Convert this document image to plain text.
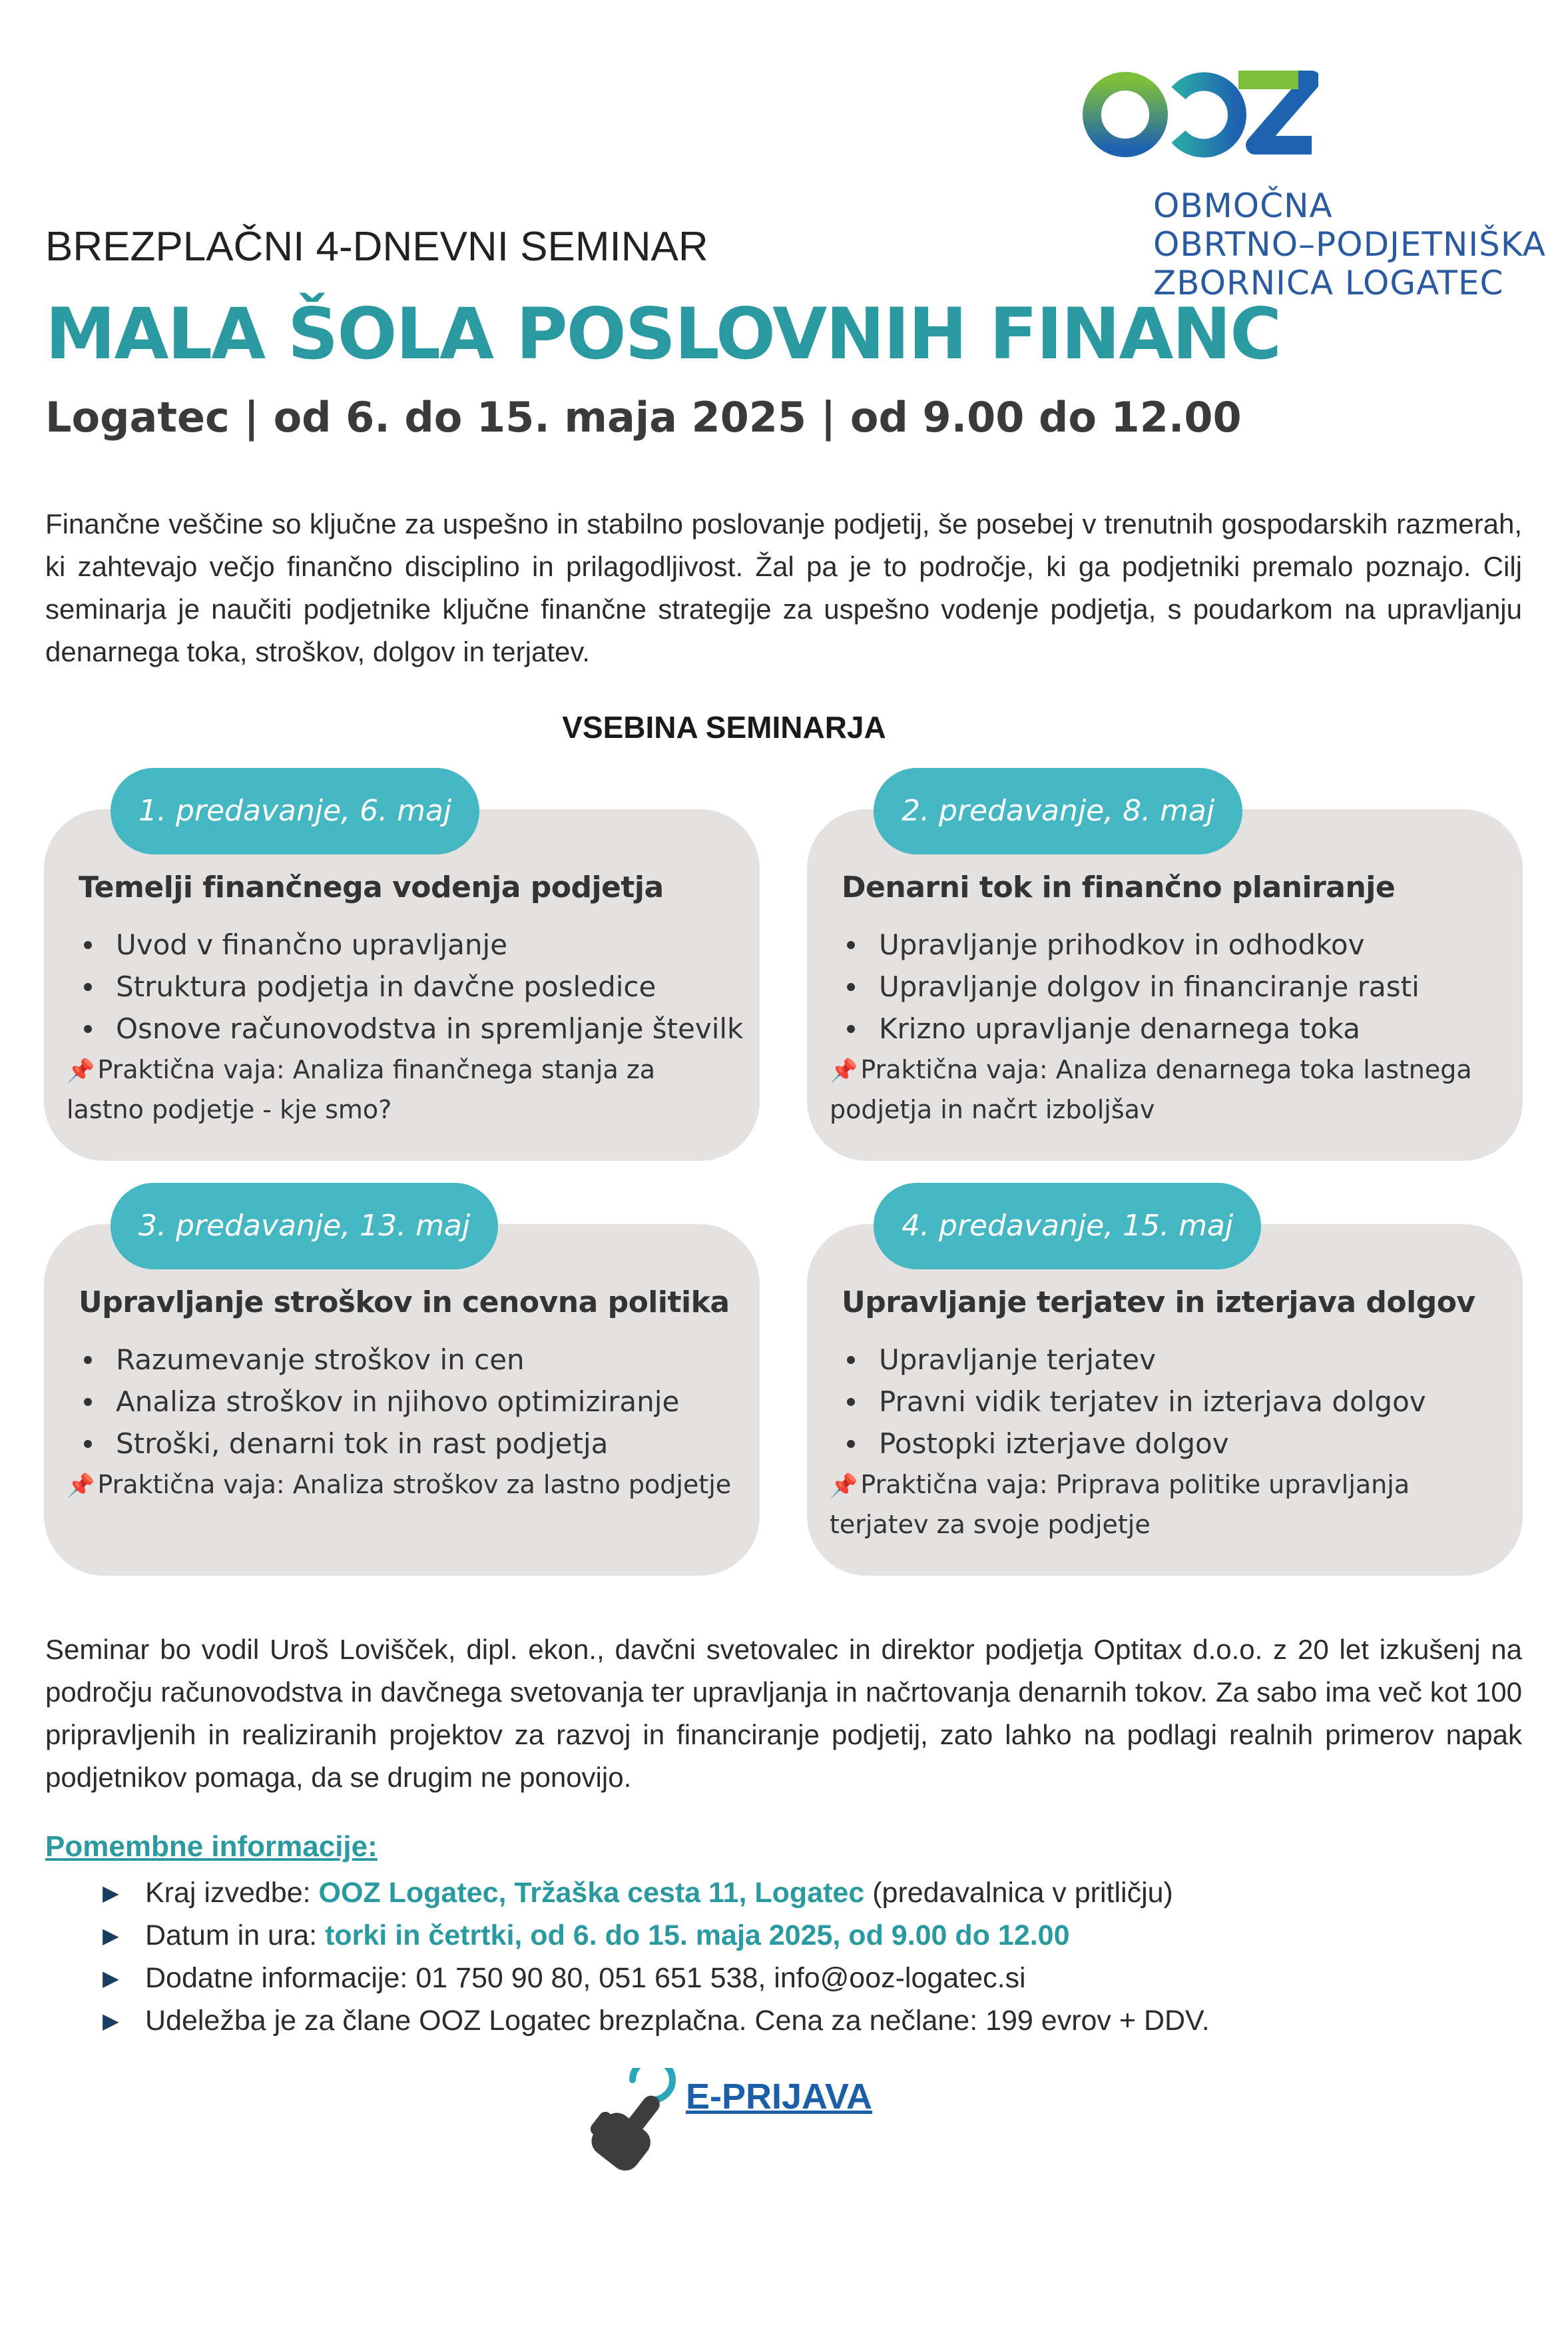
OBMOČNA
OBRTNO–PODJETNIŠKA
ZBORNICA LOGATEC
BREZPLAČNI 4-DNEVNI SEMINAR
MALA ŠOLA POSLOVNIH FINANC
Logatec | od 6. do 15. maja 2025 | od 9.00 do 12.00

Finančne veščine so ključne za uspešno in stabilno poslovanje podjetij, še posebej v trenutnih gospodarskih razmerah, ki zahtevajo večjo finančno disciplino in prilagodljivost. Žal pa je to področje, ki ga podjetniki premalo poznajo. Cilj seminarja je naučiti podjetnike ključne finančne strategije za uspešno vodenje podjetja, s poudarkom na upravljanju denarnega toka, stroškov, dolgov in terjatev.

VSEBINA SEMINARJA
1. predavanje, 6. maj
Temelji finančnega vodenja podjetja
Uvod v finančno upravljanje
Struktura podjetja in davčne posledice
Osnove računovodstva in spremljanje številk
📌 Praktična vaja: Analiza finančnega stanja za lastno podjetje - kje smo?
2. predavanje, 8. maj
Denarni tok in finančno planiranje
Upravljanje prihodkov in odhodkov
Upravljanje dolgov in financiranje rasti
Krizno upravljanje denarnega toka
📌 Praktična vaja: Analiza denarnega toka lastnega podjetja in načrt izboljšav
3. predavanje, 13. maj
Upravljanje stroškov in cenovna politika
Razumevanje stroškov in cen
Analiza stroškov in njihovo optimiziranje
Stroški, denarni tok in rast podjetja
📌 Praktična vaja: Analiza stroškov za lastno podjetje
4. predavanje, 15. maj
Upravljanje terjatev in izterjava dolgov
Upravljanje terjatev
Pravni vidik terjatev in izterjava dolgov
Postopki izterjave dolgov
📌 Praktična vaja: Priprava politike upravljanja terjatev za svoje podjetje

Seminar bo vodil Uroš Lovišček, dipl. ekon., davčni svetovalec in direktor podjetja Optitax d.o.o. z 20 let izkušenj na področju računovodstva in davčnega svetovanja ter upravljanja in načrtovanja denarnih tokov. Za sabo ima več kot 100 pripravljenih in realiziranih projektov za razvoj in financiranje podjetij, zato lahko na podlagi realnih primerov napak podjetnikov pomaga, da se drugim ne ponovijo.

Pomembne informacije:
▶ Kraj izvedbe: OOZ Logatec, Tržaška cesta 11, Logatec (predavalnica v pritličju)
▶ Datum in ura: torki in četrtki, od 6. do 15. maja 2025, od 9.00 do 12.00
▶ Dodatne informacije: 01 750 90 80, 051 651 538, info@ooz-logatec.si
▶ Udeležba je za člane OOZ Logatec brezplačna. Cena za nečlane: 199 evrov + DDV.
E-PRIJAVA
